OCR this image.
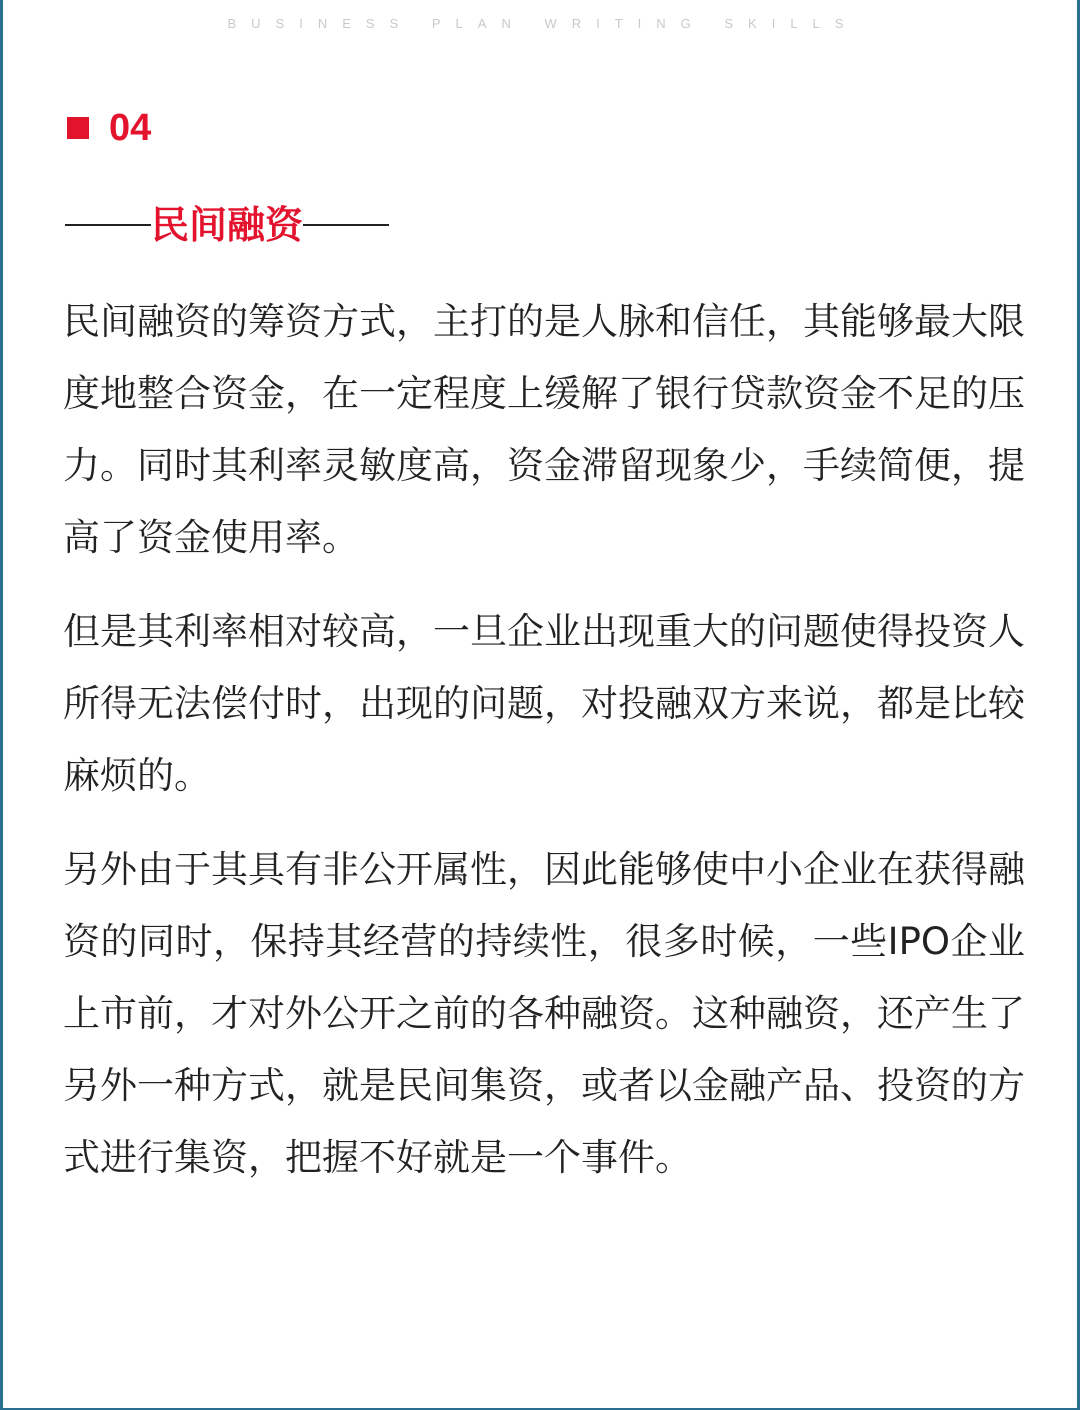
BUSINESS PLAN WRITING SKILLS
04
民间融资

民间融资的筹资方式，主打的是人脉和信任，其能够最大限度地整合资金，在一定程度上缓解了银行贷款资金不足的压力。同时其利率灵敏度高，资金滞留现象少，手续简便，提高了资金使用率。

但是其利率相对较高，一旦企业出现重大的问题使得投资人所得无法偿付时，出现的问题，对投融双方来说，都是比较麻烦的。

另外由于其具有非公开属性，因此能够使中小企业在获得融资的同时，保持其经营的持续性，很多时候，一些IPO企业上市前，才对外公开之前的各种融资。这种融资，还产生了另外一种方式，就是民间集资，或者以金融产品、投资的方式进行集资，把握不好就是一个事件。
